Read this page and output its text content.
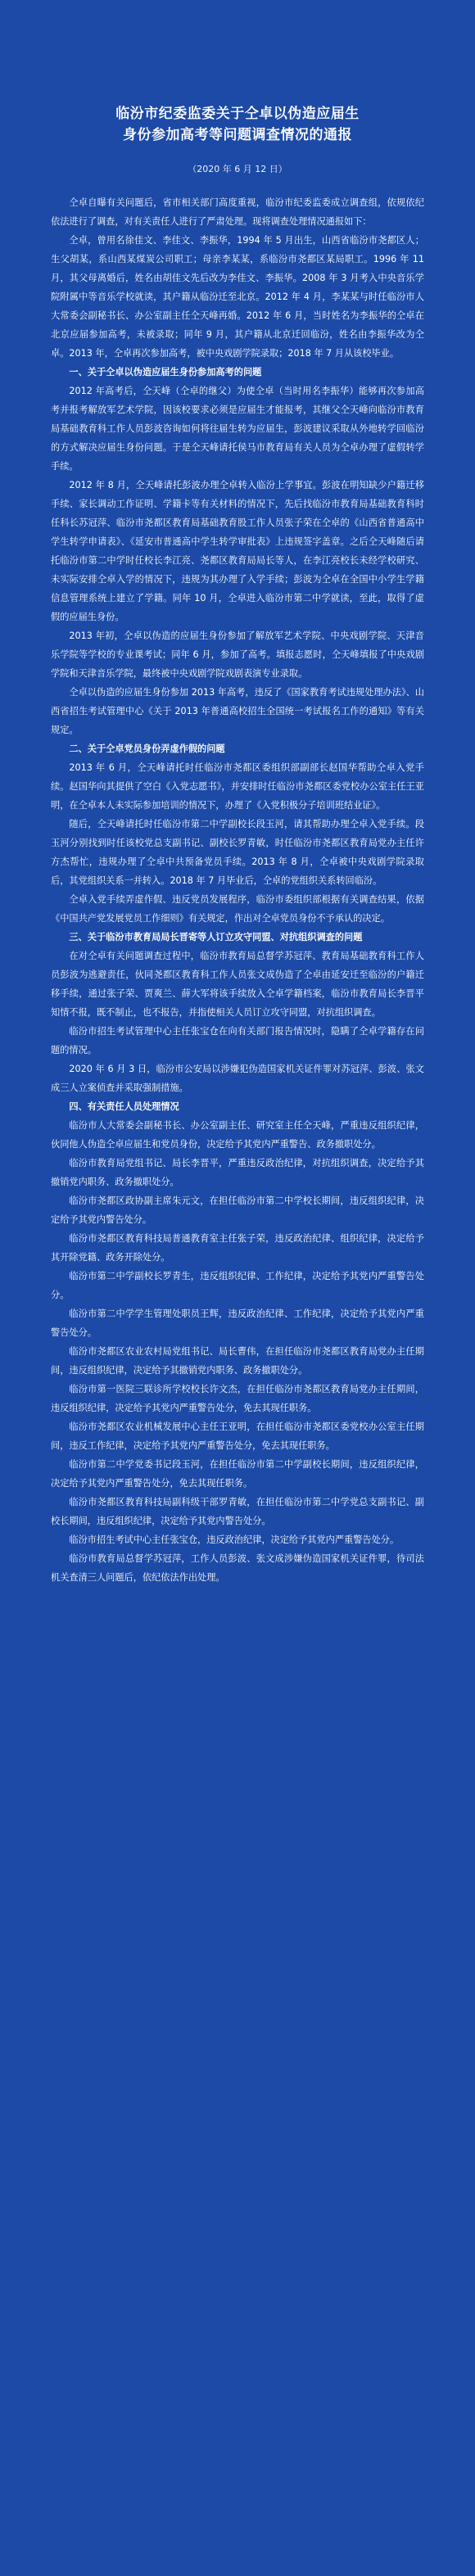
临汾市纪委监委关于仝卓以伪造应届生
身份参加高考等问题调查情况的通报
（2020 年 6 月 12 日）

仝卓自曝有关问题后，省市相关部门高度重视，临汾市纪委监委成立调查组，依规依纪依法进行了调查，对有关责任人进行了严肃处理。现将调查处理情况通报如下：

仝卓，曾用名徐佳文、李佳文、李振华，1994 年 5 月出生，山西省临汾市尧都区人；生父胡某，系山西某煤炭公司职工；母亲李某某，系临汾市尧都区某局职工。1996 年 11 月，其父母离婚后，姓名由胡佳文先后改为李佳文、李振华。2008 年 3 月考入中央音乐学院附属中等音乐学校就读，其户籍从临汾迁至北京。2012 年 4 月，李某某与时任临汾市人大常委会副秘书长、办公室副主任仝天峰再婚。2012 年 6 月，当时姓名为李振华的仝卓在北京应届参加高考，未被录取；同年 9 月，其户籍从北京迁回临汾，姓名由李振华改为仝卓。2013 年，仝卓再次参加高考，被中央戏剧学院录取；2018 年 7 月从该校毕业。

一、关于仝卓以伪造应届生身份参加高考的问题

2012 年高考后，仝天峰（仝卓的继父）为使仝卓（当时用名李振华）能够再次参加高考并报考解放军艺术学院，因该校要求必须是应届生才能报考，其继父仝天峰向临汾市教育局基础教育科工作人员彭波咨询如何将往届生转为应届生，彭波建议采取从外地转学回临汾的方式解决应届生身份问题。于是仝天峰请托侯马市教育局有关人员为仝卓办理了虚假转学手续。

2012 年 8 月，仝天峰请托彭波办理仝卓转入临汾上学事宜。彭波在明知缺少户籍迁移手续、家长调动工作证明、学籍卡等有关材料的情况下，先后找临汾市教育局基础教育科时任科长苏冠萍、临汾市尧都区教育局基础教育股工作人员张子荣在仝卓的《山西省普通高中学生转学申请表》、《延安市普通高中学生转学审批表》上违规签字盖章。之后仝天峰随后请托临汾市第二中学时任校长李江亮、尧都区教育局局长等人，在李江亮校长未经学校研究、未实际安排仝卓入学的情况下，违规为其办理了入学手续；彭波为仝卓在全国中小学生学籍信息管理系统上建立了学籍。同年 10 月，仝卓进入临汾市第二中学就读，至此，取得了虚假的应届生身份。

2013 年初，仝卓以伪造的应届生身份参加了解放军艺术学院、中央戏剧学院、天津音乐学院等学校的专业课考试；同年 6 月，参加了高考。填报志愿时，仝天峰填报了中央戏剧学院和天津音乐学院，最终被中央戏剧学院戏剧表演专业录取。

仝卓以伪造的应届生身份参加 2013 年高考，违反了《国家教育考试违规处理办法》、山西省招生考试管理中心《关于 2013 年普通高校招生全国统一考试报名工作的通知》等有关规定。

二、关于仝卓党员身份弄虚作假的问题

2013 年 6 月，仝天峰请托时任临汾市尧都区委组织部副部长赵国华帮助仝卓入党手续。赵国华向其提供了空白《入党志愿书》，并安排时任临汾市尧都区委党校办公室主任王亚明，在仝卓本人未实际参加培训的情况下，办理了《入党积极分子培训班结业证》。

随后，仝天峰请托时任临汾市第二中学副校长段玉河，请其帮助办理仝卓入党手续。段玉河分别找到时任该校党总支副书记、副校长罗青敏，时任临汾市尧都区教育局党办主任许方杰帮忙，违规办理了仝卓中共预备党员手续。2013 年 8 月，仝卓被中央戏剧学院录取后，其党组织关系一并转入。2018 年 7 月毕业后，仝卓的党组织关系转回临汾。

仝卓入党手续弄虚作假、违反党员发展程序，临汾市委组织部根据有关调查结果，依据《中国共产党发展党员工作细则》有关规定，作出对仝卓党员身份不予承认的决定。

三、关于临汾市教育局局长晋寄等人订立攻守同盟、对抗组织调查的问题

在对仝卓有关问题调查过程中，临汾市教育局总督学苏冠萍、教育局基础教育科工作人员彭波为逃避责任，伙同尧都区教育科工作人员张文成伪造了仝卓由延安迁至临汾的户籍迁移手续，通过张子荣、贾爽兰、薛大军将该手续放入仝卓学籍档案，临汾市教育局长李晋平知情不报，既不制止，也不报告，并指使相关人员订立攻守同盟，对抗组织调查。

临汾市招生考试管理中心主任张宝仓在向有关部门报告情况时，隐瞒了仝卓学籍存在问题的情况。

2020 年 6 月 3 日，临汾市公安局以涉嫌犯伪造国家机关证件罪对苏冠萍、彭波、张文成三人立案侦查并采取强制措施。

四、有关责任人员处理情况

临汾市人大常委会副秘书长、办公室副主任、研究室主任仝天峰，严重违反组织纪律，伙同他人伪造仝卓应届生和党员身份，决定给予其党内严重警告、政务撤职处分。

临汾市教育局党组书记、局长李晋平，严重违反政治纪律，对抗组织调查，决定给予其撤销党内职务、政务撤职处分。

临汾市尧都区政协副主席朱元文，在担任临汾市第二中学校长期间，违反组织纪律，决定给予其党内警告处分。

临汾市尧都区教育科技局普通教育室主任张子荣，违反政治纪律、组织纪律，决定给予其开除党籍、政务开除处分。

临汾市第二中学副校长罗青生，违反组织纪律、工作纪律，决定给予其党内严重警告处分。

临汾市第二中学学生管理处职员王辉，违反政治纪律、工作纪律，决定给予其党内严重警告处分。

临汾市尧都区农业农村局党组书记、局长曹伟，在担任临汾市尧都区教育局党办主任期间，违反组织纪律，决定给予其撤销党内职务、政务撤职处分。

临汾市第一医院三联诊所学校校长许文杰，在担任临汾市尧都区教育局党办主任期间，违反组织纪律，决定给予其党内严重警告处分，免去其现任职务。

临汾市尧都区农业机械发展中心主任王亚明，在担任临汾市尧都区委党校办公室主任期间，违反工作纪律，决定给予其党内严重警告处分，免去其现任职务。

临汾市第二中学党委书记段玉河，在担任临汾市第二中学副校长期间，违反组织纪律，决定给予其党内严重警告处分，免去其现任职务。

临汾市尧都区教育科技局副科级干部罗青敏，在担任临汾市第二中学党总支副书记、副校长期间，违反组织纪律，决定给予其党内警告处分。

临汾市招生考试中心主任张宝仓，违反政治纪律，决定给予其党内严重警告处分。

临汾市教育局总督学苏冠萍，工作人员彭波、张文成涉嫌伪造国家机关证件罪，待司法机关查清三人问题后，依纪依法作出处理。
